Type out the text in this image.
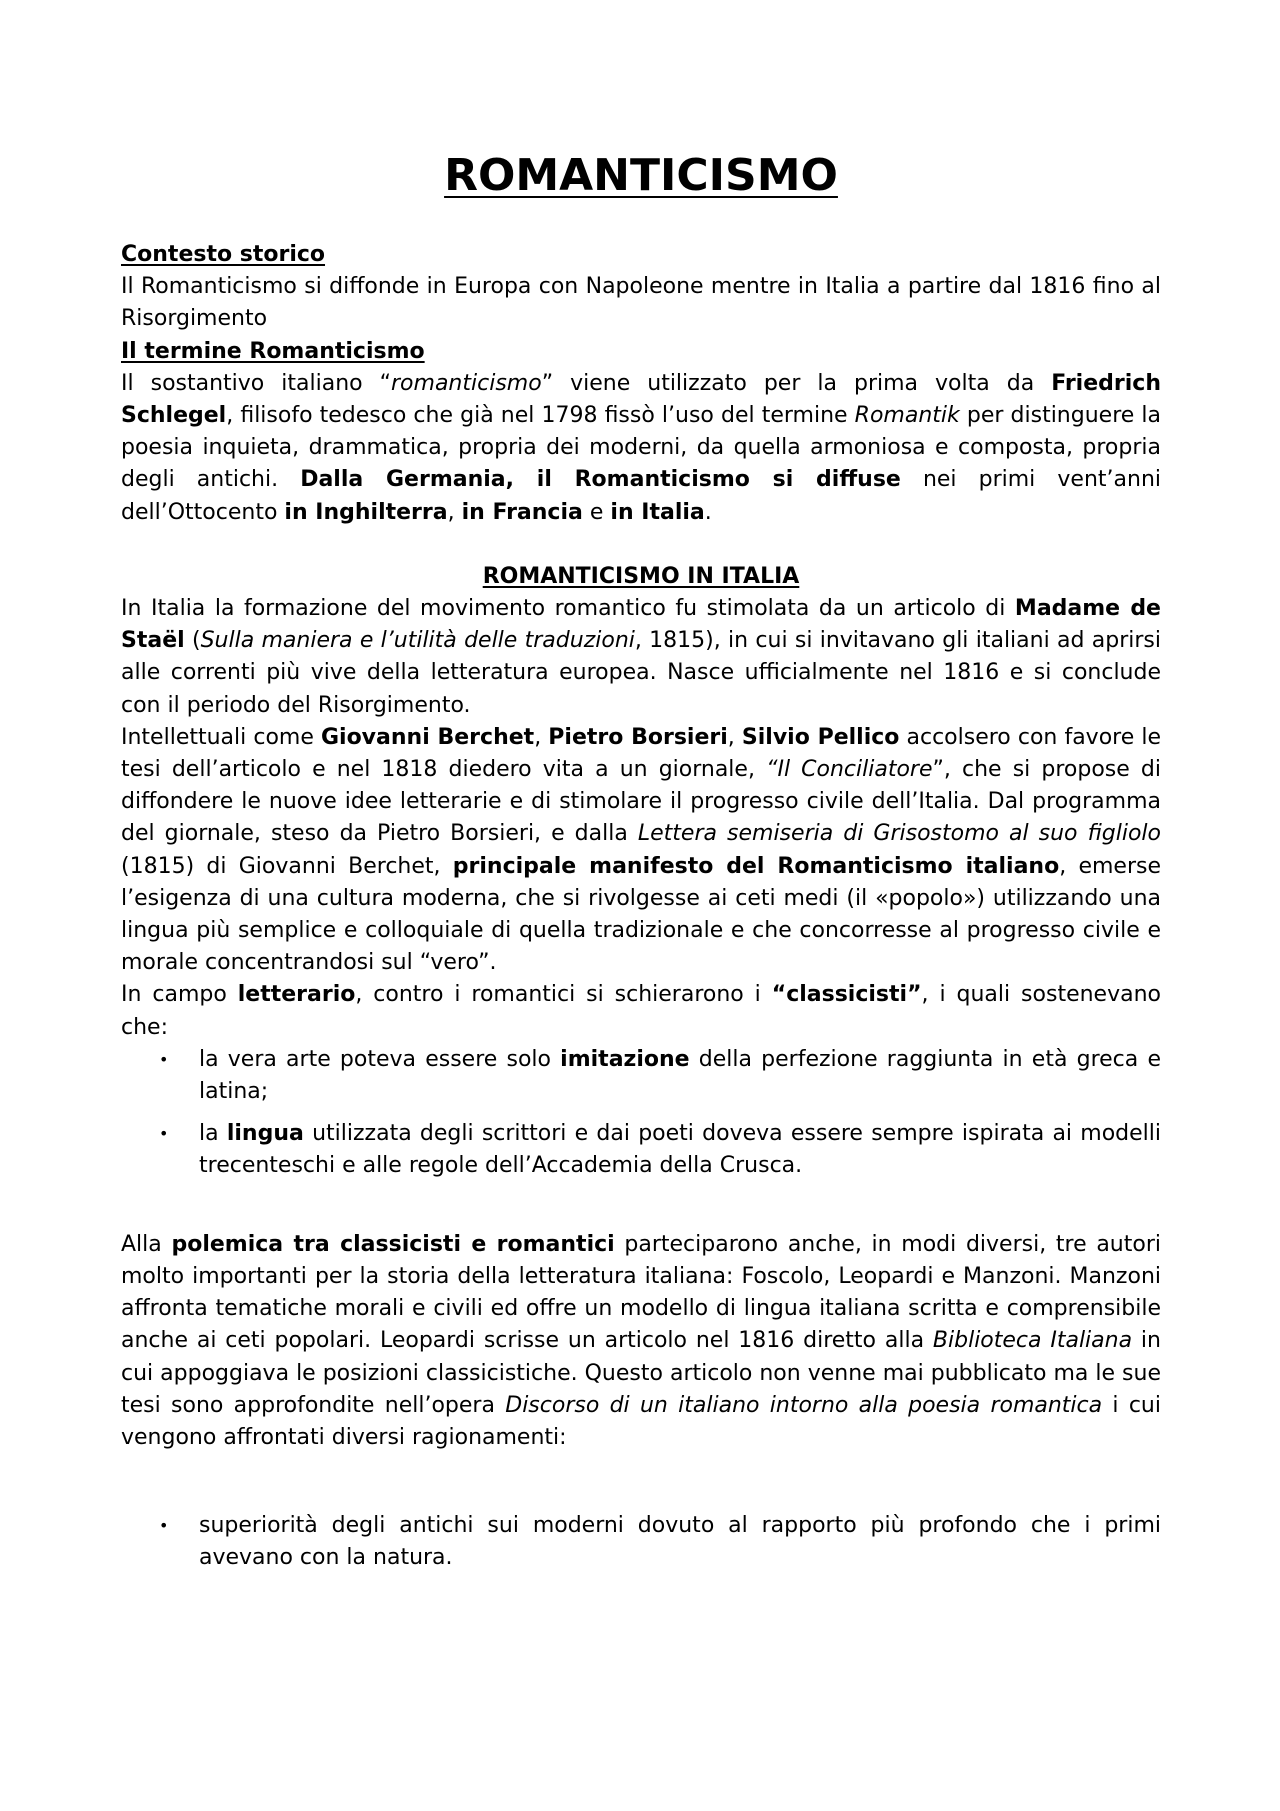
ROMANTICISMO
Contesto storico

Il Romanticismo si diffonde in Europa con Napoleone mentre in Italia a partire dal 1816 fino al Risorgimento

Il termine Romanticismo

Il sostantivo italiano “romanticismo” viene utilizzato per la prima volta da Friedrich Schlegel, filisofo tedesco che già nel 1798 fissò l’uso del termine Romantik per distinguere la poesia inquieta, drammatica, propria dei moderni, da quella armoniosa e composta, propria degli antichi. Dalla Germania, il Romanticismo si diffuse nei primi vent’anni dell’Ottocento in Inghilterra, in Francia e in Italia.

ROMANTICISMO IN ITALIA

In Italia la formazione del movimento romantico fu stimolata da un articolo di Madame de Staël (Sulla maniera e l’utilità delle traduzioni, 1815), in cui si invitavano gli italiani ad aprirsi alle correnti più vive della letteratura europea. Nasce ufficialmente nel 1816 e si conclude con il periodo del Risorgimento.

Intellettuali come Giovanni Berchet, Pietro Borsieri, Silvio Pellico accolsero con favore le tesi dell’articolo e nel 1818 diedero vita a un giornale, “Il Conciliatore”, che si propose di diffondere le nuove idee letterarie e di stimolare il progresso civile dell’Italia. Dal programma del giornale, steso da Pietro Borsieri, e dalla Lettera semiseria di Grisostomo al suo figliolo (1815) di Giovanni Berchet, principale manifesto del Romanticismo italiano, emerse l’esigenza di una cultura moderna, che si rivolgesse ai ceti medi (il «popolo») utilizzando una lingua più semplice e colloquiale di quella tradizionale e che concorresse al progresso civile e morale concentrandosi sul “vero”.

In campo letterario, contro i romantici si schierarono i “classicisti”, i quali sostenevano che:

• la vera arte poteva essere solo imitazione della perfezione raggiunta in età greca e latina;
• la lingua utilizzata degli scrittori e dai poeti doveva essere sempre ispirata ai modelli trecenteschi e alle regole dell’Accademia della Crusca.

Alla polemica tra classicisti e romantici parteciparono anche, in modi diversi, tre autori molto importanti per la storia della letteratura italiana: Foscolo, Leopardi e Manzoni. Manzoni affronta tematiche morali e civili ed offre un modello di lingua italiana scritta e comprensibile anche ai ceti popolari. Leopardi scrisse un articolo nel 1816 diretto alla Biblioteca Italiana in cui appoggiava le posizioni classicistiche. Questo articolo non venne mai pubblicato ma le sue tesi sono approfondite nell’opera Discorso di un italiano intorno alla poesia romantica i cui vengono affrontati diversi ragionamenti:

• superiorità degli antichi sui moderni dovuto al rapporto più profondo che i primi avevano con la natura.
